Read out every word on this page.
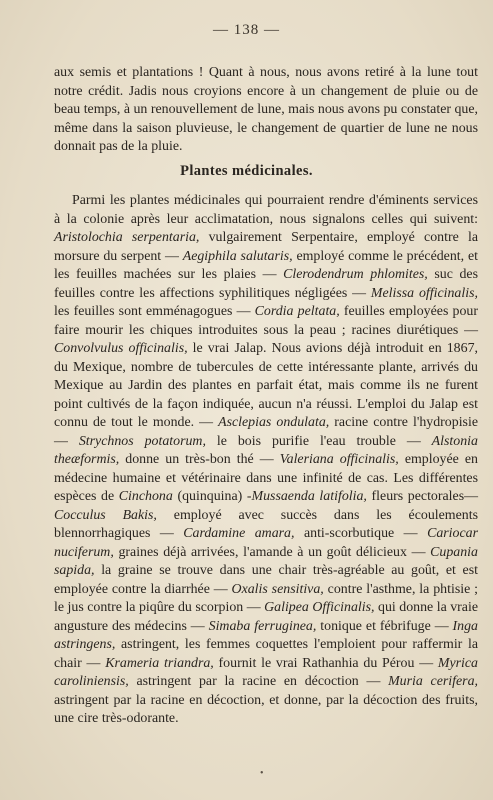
— 138 —

aux semis et plantations ! Quant à nous, nous avons retiré à la lune tout notre crédit. Jadis nous croyions encore à un changement de pluie ou de beau temps, à un renouvellement de lune, mais nous avons pu constater que, même dans la saison pluvieuse, le changement de quartier de lune ne nous donnait pas de la pluie.

Plantes médicinales.

Parmi les plantes médicinales qui pourraient rendre d'éminents services à la colonie après leur acclimatation, nous signalons celles qui suivent: Aristolochia serpentaria, vulgairement Serpentaire, employé contre la morsure du serpent — Aegiphila salutaris, employé comme le précédent, et les feuilles machées sur les plaies — Clerodendrum phlomites, suc des feuilles contre les affections syphilitiques négligées — Melissa officinalis, les feuilles sont emménagogues — Cordia peltata, feuilles employées pour faire mourir les chiques introduites sous la peau ; racines diurétiques — Convolvulus officinalis, le vrai Jalap. Nous avions déjà introduit en 1867, du Mexique, nombre de tubercules de cette intéressante plante, arrivés du Mexique au Jardin des plantes en parfait état, mais comme ils ne furent point cultivés de la façon indiquée, aucun n'a réussi. L'emploi du Jalap est connu de tout le monde. — Asclepias ondulata, racine contre l'hydropisie — Strychnos potatorum, le bois purifie l'eau trouble — Alstonia theæformis, donne un très-bon thé — Valeriana officinalis, employée en médecine humaine et vétérinaire dans une infinité de cas. Les différentes espèces de Cinchona (quinquina) -Mussaenda latifolia, fleurs pectorales—Cocculus Bakis, employé avec succès dans les écoulements blennorrhagiques — Cardamine amara, anti-scorbutique — Cariocar nuciferum, graines déjà arrivées, l'amande à un goût délicieux — Cupania sapida, la graine se trouve dans une chair très-agréable au goût, et est employée contre la diarrhée — Oxalis sensitiva, contre l'asthme, la phtisie ; le jus contre la piqûre du scorpion — Galipea Officinalis, qui donne la vraie angusture des médecins — Simaba ferruginea, tonique et fébrifuge — Inga astringens, astringent, les femmes coquettes l'emploient pour raffermir la chair — Krameria triandra, fournit le vrai Rathanhia du Pérou — Myrica caroliniensis, astringent par la racine en décoction — Muria cerifera, astringent par la racine en décoction, et donne, par la décoction des fruits, une cire très-odorante.

•
